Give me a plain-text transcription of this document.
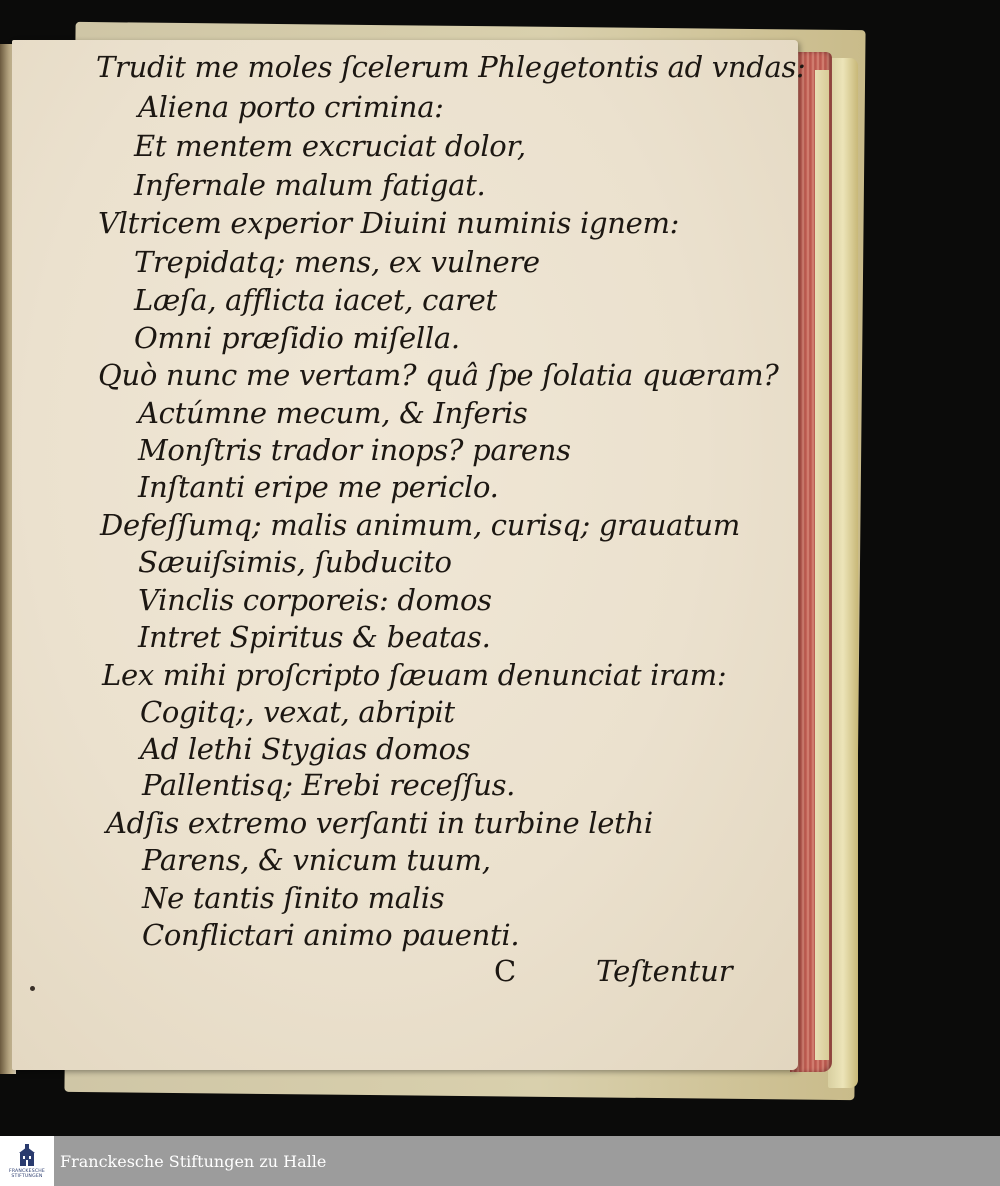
Trudit me moles ſcelerum Phlegetontis ad vndas:
Aliena porto crimina:
Et mentem excruciat dolor,
Infernale malum fatigat.
Vltricem experior Diuini numinis ignem:
Trepidatq; mens, ex vulnere
Læſa, afflicta iacet, caret
Omni præſidio miſella.
Quò nunc me vertam? quâ ſpe ſolatia quæram?
Actúmne mecum, & Inferis
Monſtris trador inops? parens
Inſtanti eripe me periclo.
Defeſſumq; malis animum, curisq; grauatum
Sæuiſsimis, ſubducito
Vinclis corporeis: domos
Intret Spiritus & beatas.
Lex mihi proſcripto ſæuam denunciat iram:
Cogitq;, vexat, abripit
Ad lethi Stygias domos
Pallentisq; Erebi receſſus.
Adſis extremo verſanti in turbine lethi
Parens, & vnicum tuum,
Ne tantis ſinito malis
Conflictari animo pauenti.
C	Teſtentur
FRANCKESCHE
STIFTUNGEN
Franckesche Stiftungen zu Halle
